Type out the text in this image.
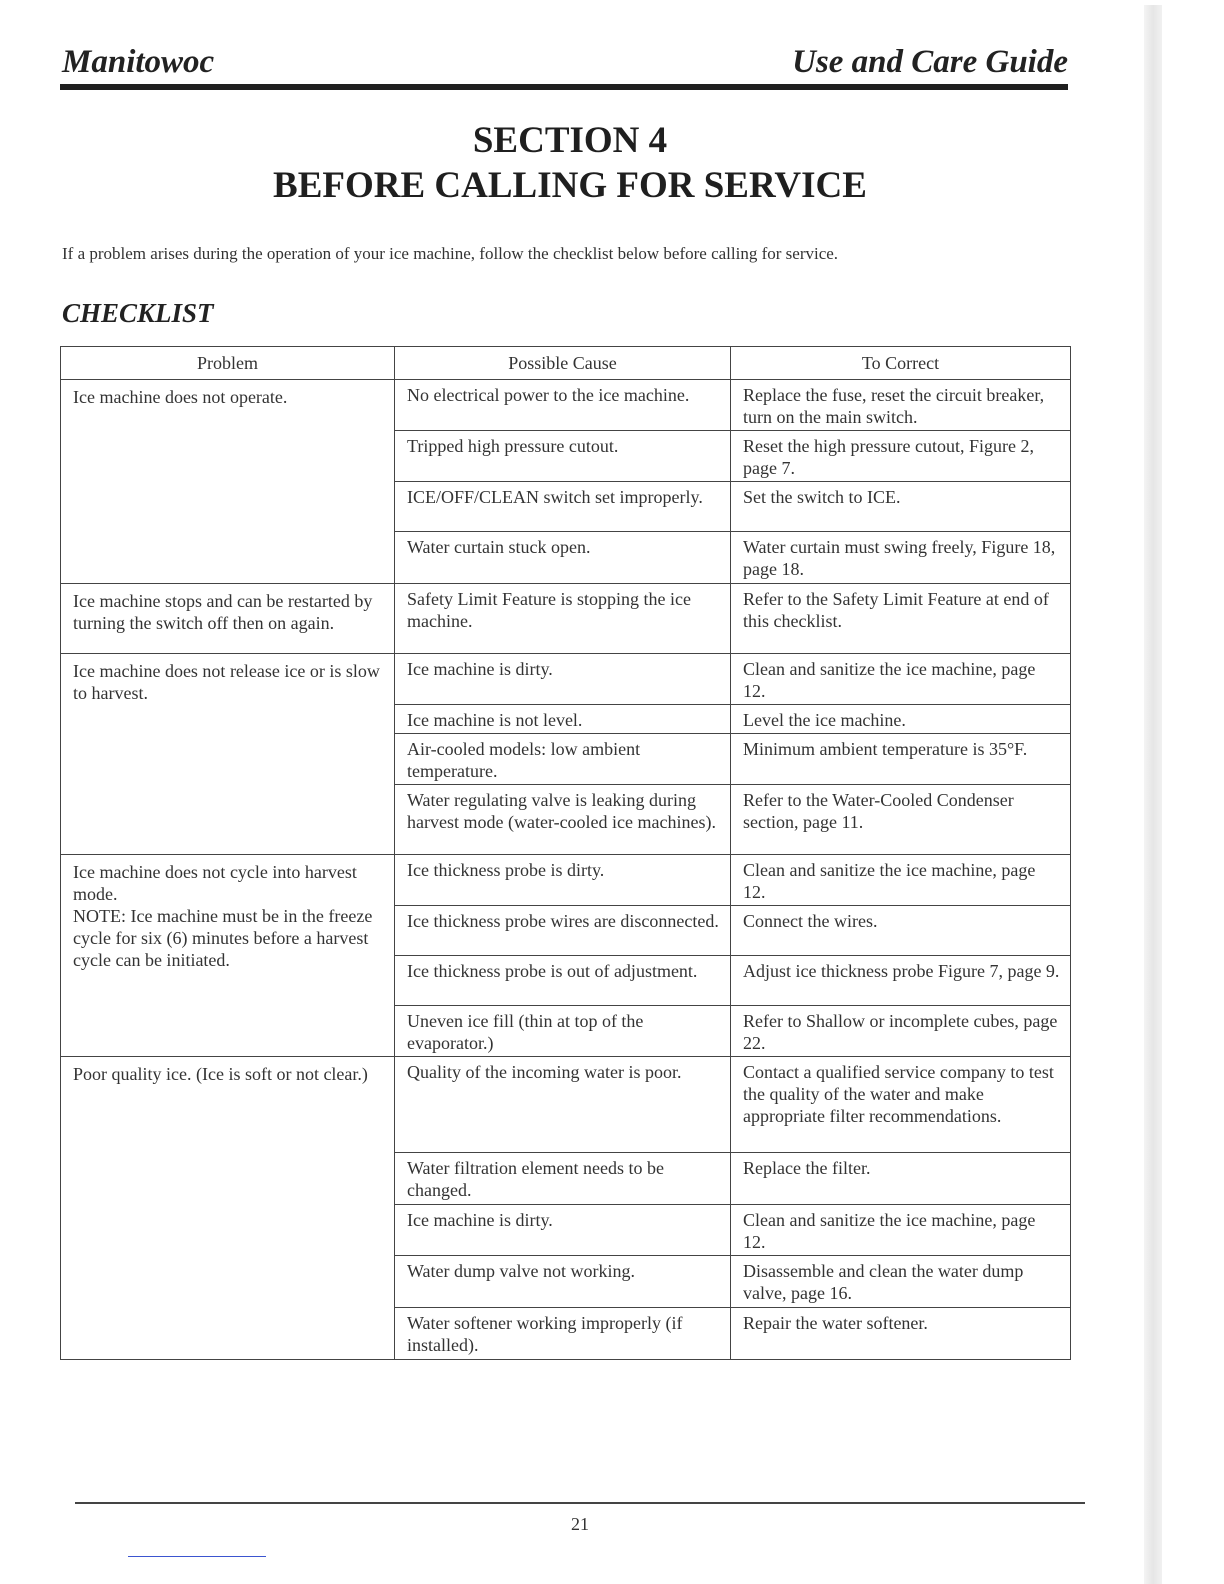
Manitowoc	Use and Care Guide
SECTION 4
BEFORE CALLING FOR SERVICE
If a problem arises during the operation of your ice machine, follow the checklist below before calling for service.
CHECKLIST
Problem	Possible Cause	To Correct
Ice machine does not operate.	No electrical power to the ice machine.	Replace the fuse, reset the circuit breaker, turn on the main switch.
	Tripped high pressure cutout.	Reset the high pressure cutout, Figure 2, page 7.
	ICE/OFF/CLEAN switch set improperly.	Set the switch to ICE.
	Water curtain stuck open.	Water curtain must swing freely, Figure 18, page 18.
Ice machine stops and can be restarted by turning the switch off then on again.	Safety Limit Feature is stopping the ice machine.	Refer to the Safety Limit Feature at end of this checklist.
Ice machine does not release ice or is slow to harvest.	Ice machine is dirty.	Clean and sanitize the ice machine, page 12.
	Ice machine is not level.	Level the ice machine.
	Air-cooled models: low ambient temperature.	Minimum ambient temperature is 35°F.
	Water regulating valve is leaking during harvest mode (water-cooled ice machines).	Refer to the Water-Cooled Condenser section, page 11.

Ice machine does not cycle into harvest mode.
NOTE: Ice machine must be in the freeze cycle for six (6) minutes before a harvest cycle can be initiated.	Ice thickness probe is dirty.	Clean and sanitize the ice machine, page 12.
	Ice thickness probe wires are disconnected.	Connect the wires.
	Ice thickness probe is out of adjustment.	Adjust ice thickness probe Figure 7, page 9.
	Uneven ice fill (thin at top of the evaporator.)	Refer to Shallow or incomplete cubes, page 22.
Poor quality ice. (Ice is soft or not clear.)	Quality of the incoming water is poor.	Contact a qualified service company to test the quality of the water and make appropriate filter recommendations.
	Water filtration element needs to be changed.	Replace the filter.
	Ice machine is dirty.	Clean and sanitize the ice machine, page 12.
	Water dump valve not working.	Disassemble and clean the water dump valve, page 16.
	Water softener working improperly (if installed).	Repair the water softener.
21
